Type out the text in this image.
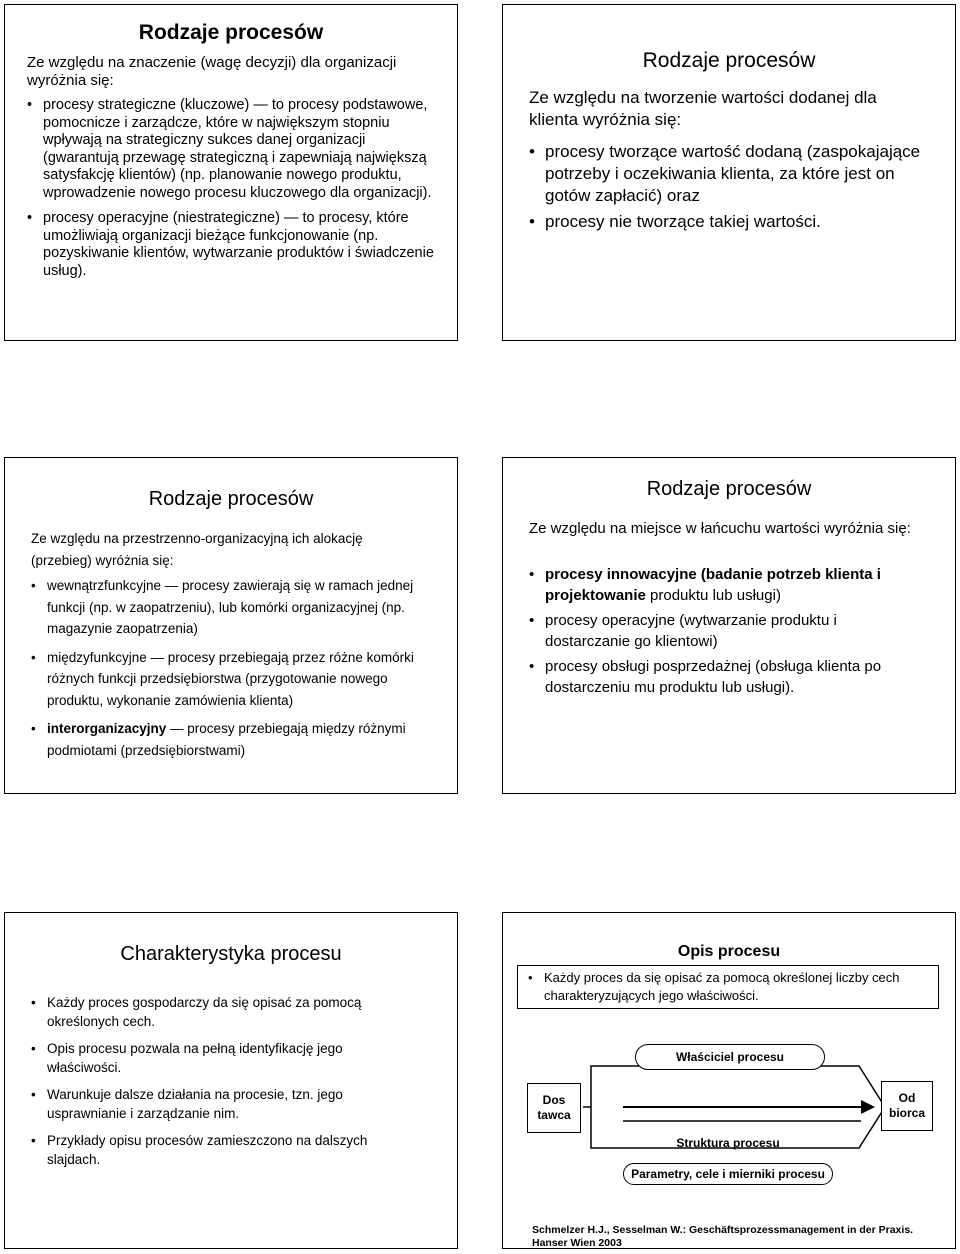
Rodzaje procesów
Ze względu na znaczenie (wagę decyzji) dla organizacji wyróżnia się:
• procesy strategiczne (kluczowe) — to procesy podstawowe, pomocnicze i zarządcze, które w największym stopniu wpływają na strategiczny sukces danej organizacji (gwarantują przewagę strategiczną i zapewniają największą satysfakcję klientów) (np. planowanie nowego produktu, wprowadzenie nowego procesu kluczowego dla organizacji).
• procesy operacyjne (niestrategiczne) — to procesy, które umożliwiają organizacji bieżące funkcjonowanie (np. pozyskiwanie klientów, wytwarzanie produktów i świadczenie usług).
Rodzaje procesów
Ze względu na tworzenie wartości dodanej dla klienta wyróżnia się:
• procesy tworzące wartość dodaną (zaspokajające potrzeby i oczekiwania klienta, za które jest on gotów zapłacić) oraz
• procesy nie tworzące takiej wartości.
Rodzaje procesów
Ze względu na przestrzenno-organizacyjną ich alokację (przebieg) wyróżnia się:
• wewnątrzfunkcyjne — procesy zawierają się w ramach jednej funkcji (np. w zaopatrzeniu), lub komórki organizacyjnej (np. magazynie zaopatrzenia)
• międzyfunkcyjne — procesy przebiegają przez różne komórki różnych funkcji przedsiębiorstwa (przygotowanie nowego produktu, wykonanie zamówienia klienta)
• interorganizacyjny — procesy przebiegają między różnymi podmiotami (przedsiębiorstwami)
Rodzaje procesów
Ze względu na miejsce w łańcuchu wartości wyróżnia się:
• procesy innowacyjne (badanie potrzeb klienta i projektowanie produktu lub usługi)
• procesy operacyjne (wytwarzanie produktu i dostarczanie go klientowi)
• procesy obsługi posprzedażnej (obsługa klienta po dostarczeniu mu produktu lub usługi).
Charakterystyka procesu
• Każdy proces gospodarczy da się opisać za pomocą określonych cech.
• Opis procesu pozwala na pełną identyfikację jego właściwości.
• Warunkuje dalsze działania na procesie, tzn. jego usprawnianie i zarządzanie nim.
• Przykłady opisu procesów zamieszczono na dalszych slajdach.
Opis procesu
• Każdy proces da się opisać za pomocą określonej liczby cech charakteryzujących jego właściwości.
Właściciel procesu
Dos tawca
Od biorca
Struktura procesu
Parametry, cele i mierniki procesu
Schmelzer H.J., Sesselman W.: Geschäftsprozessmanagement in der Praxis.
Hanser Wien 2003
